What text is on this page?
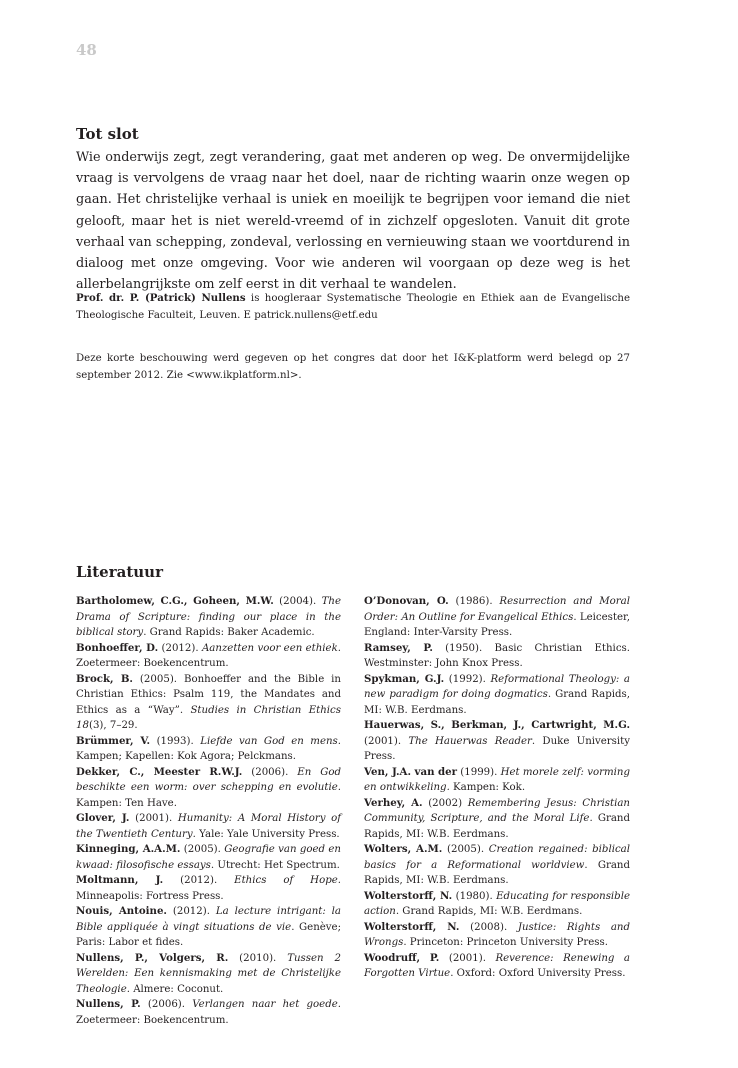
48
Tot slot

Wie onderwijs zegt, zegt verandering, gaat met anderen op weg. De onvermijdelijke vraag is vervolgens de vraag naar het doel, naar de richting waarin onze wegen op gaan. Het christelijke verhaal is uniek en moeilijk te begrijpen voor iemand die niet gelooft, maar het is niet wereld-vreemd of in zichzelf opgesloten. Vanuit dit grote verhaal van schepping, zondeval, verlossing en vernieuwing staan we voortdurend in dialoog met onze omgeving. Voor wie anderen wil voorgaan op deze weg is het allerbelangrijkste om zelf eerst in dit verhaal te wandelen.

Prof. dr. P. (Patrick) Nullens is hoogleraar Systematische Theologie en Ethiek aan de Evangelische Theologische Faculteit, Leuven. E patrick.nullens@etf.edu

Deze korte beschouwing werd gegeven op het congres dat door het I&K-platform werd belegd op 27 september 2012. Zie <www.ikplatform.nl>.

Literatuur

Bartholomew, C.G., Goheen, M.W. (2004). The Drama of Scripture: finding our place in the biblical story. Grand Rapids: Baker Academic.

Bonhoeffer, D. (2012). Aanzetten voor een ethiek. Zoetermeer: Boekencentrum.

Brock, B. (2005). Bonhoeffer and the Bible in Christian Ethics: Psalm 119, the Mandates and Ethics as a “Way”. Studies in Christian Ethics 18(3), 7–29.

Brümmer, V. (1993). Liefde van God en mens. Kampen; Kapellen: Kok Agora; Pelckmans.

Dekker, C., Meester R.W.J. (2006). En God beschikte een worm: over schepping en evolutie. Kampen: Ten Have.

Glover, J. (2001). Humanity: A Moral History of the Twentieth Century. Yale: Yale University Press.

Kinneging, A.A.M. (2005). Geografie van goed en kwaad: filosofische essays. Utrecht: Het Spectrum.

Moltmann, J. (2012). Ethics of Hope. Minneapolis: Fortress Press.

Nouis, Antoine. (2012). La lecture intrigant: la Bible appliquée à vingt situations de vie. Genève; Paris: Labor et fides.

Nullens, P., Volgers, R. (2010). Tussen 2 Werelden: Een kennismaking met de Christelijke Theologie. Almere: Coconut.

Nullens, P. (2006). Verlangen naar het goede. Zoetermeer: Boekencentrum.

O’Donovan, O. (1986). Resurrection and Moral Order: An Outline for Evangelical Ethics. Leicester, England: Inter-Varsity Press.

Ramsey, P. (1950). Basic Christian Ethics. Westminster: John Knox Press.

Spykman, G.J. (1992). Reformational Theology: a new paradigm for doing dogmatics. Grand Rapids, MI: W.B. Eerdmans.

Hauerwas, S., Berkman, J., Cartwright, M.G. (2001). The Hauerwas Reader. Duke University Press.

Ven, J.A. van der (1999). Het morele zelf: vorming en ontwikkeling. Kampen: Kok.

Verhey, A. (2002) Remembering Jesus: Christian Community, Scripture, and the Moral Life. Grand Rapids, MI: W.B. Eerdmans.

Wolters, A.M. (2005). Creation regained: biblical basics for a Reformational worldview. Grand Rapids, MI: W.B. Eerdmans.

Wolterstorff, N. (1980). Educating for responsible action. Grand Rapids, MI: W.B. Eerdmans.

Wolterstorff, N. (2008). Justice: Rights and Wrongs. Princeton: Princeton University Press.

Woodruff, P. (2001). Reverence: Renewing a Forgotten Virtue. Oxford: Oxford University Press.
